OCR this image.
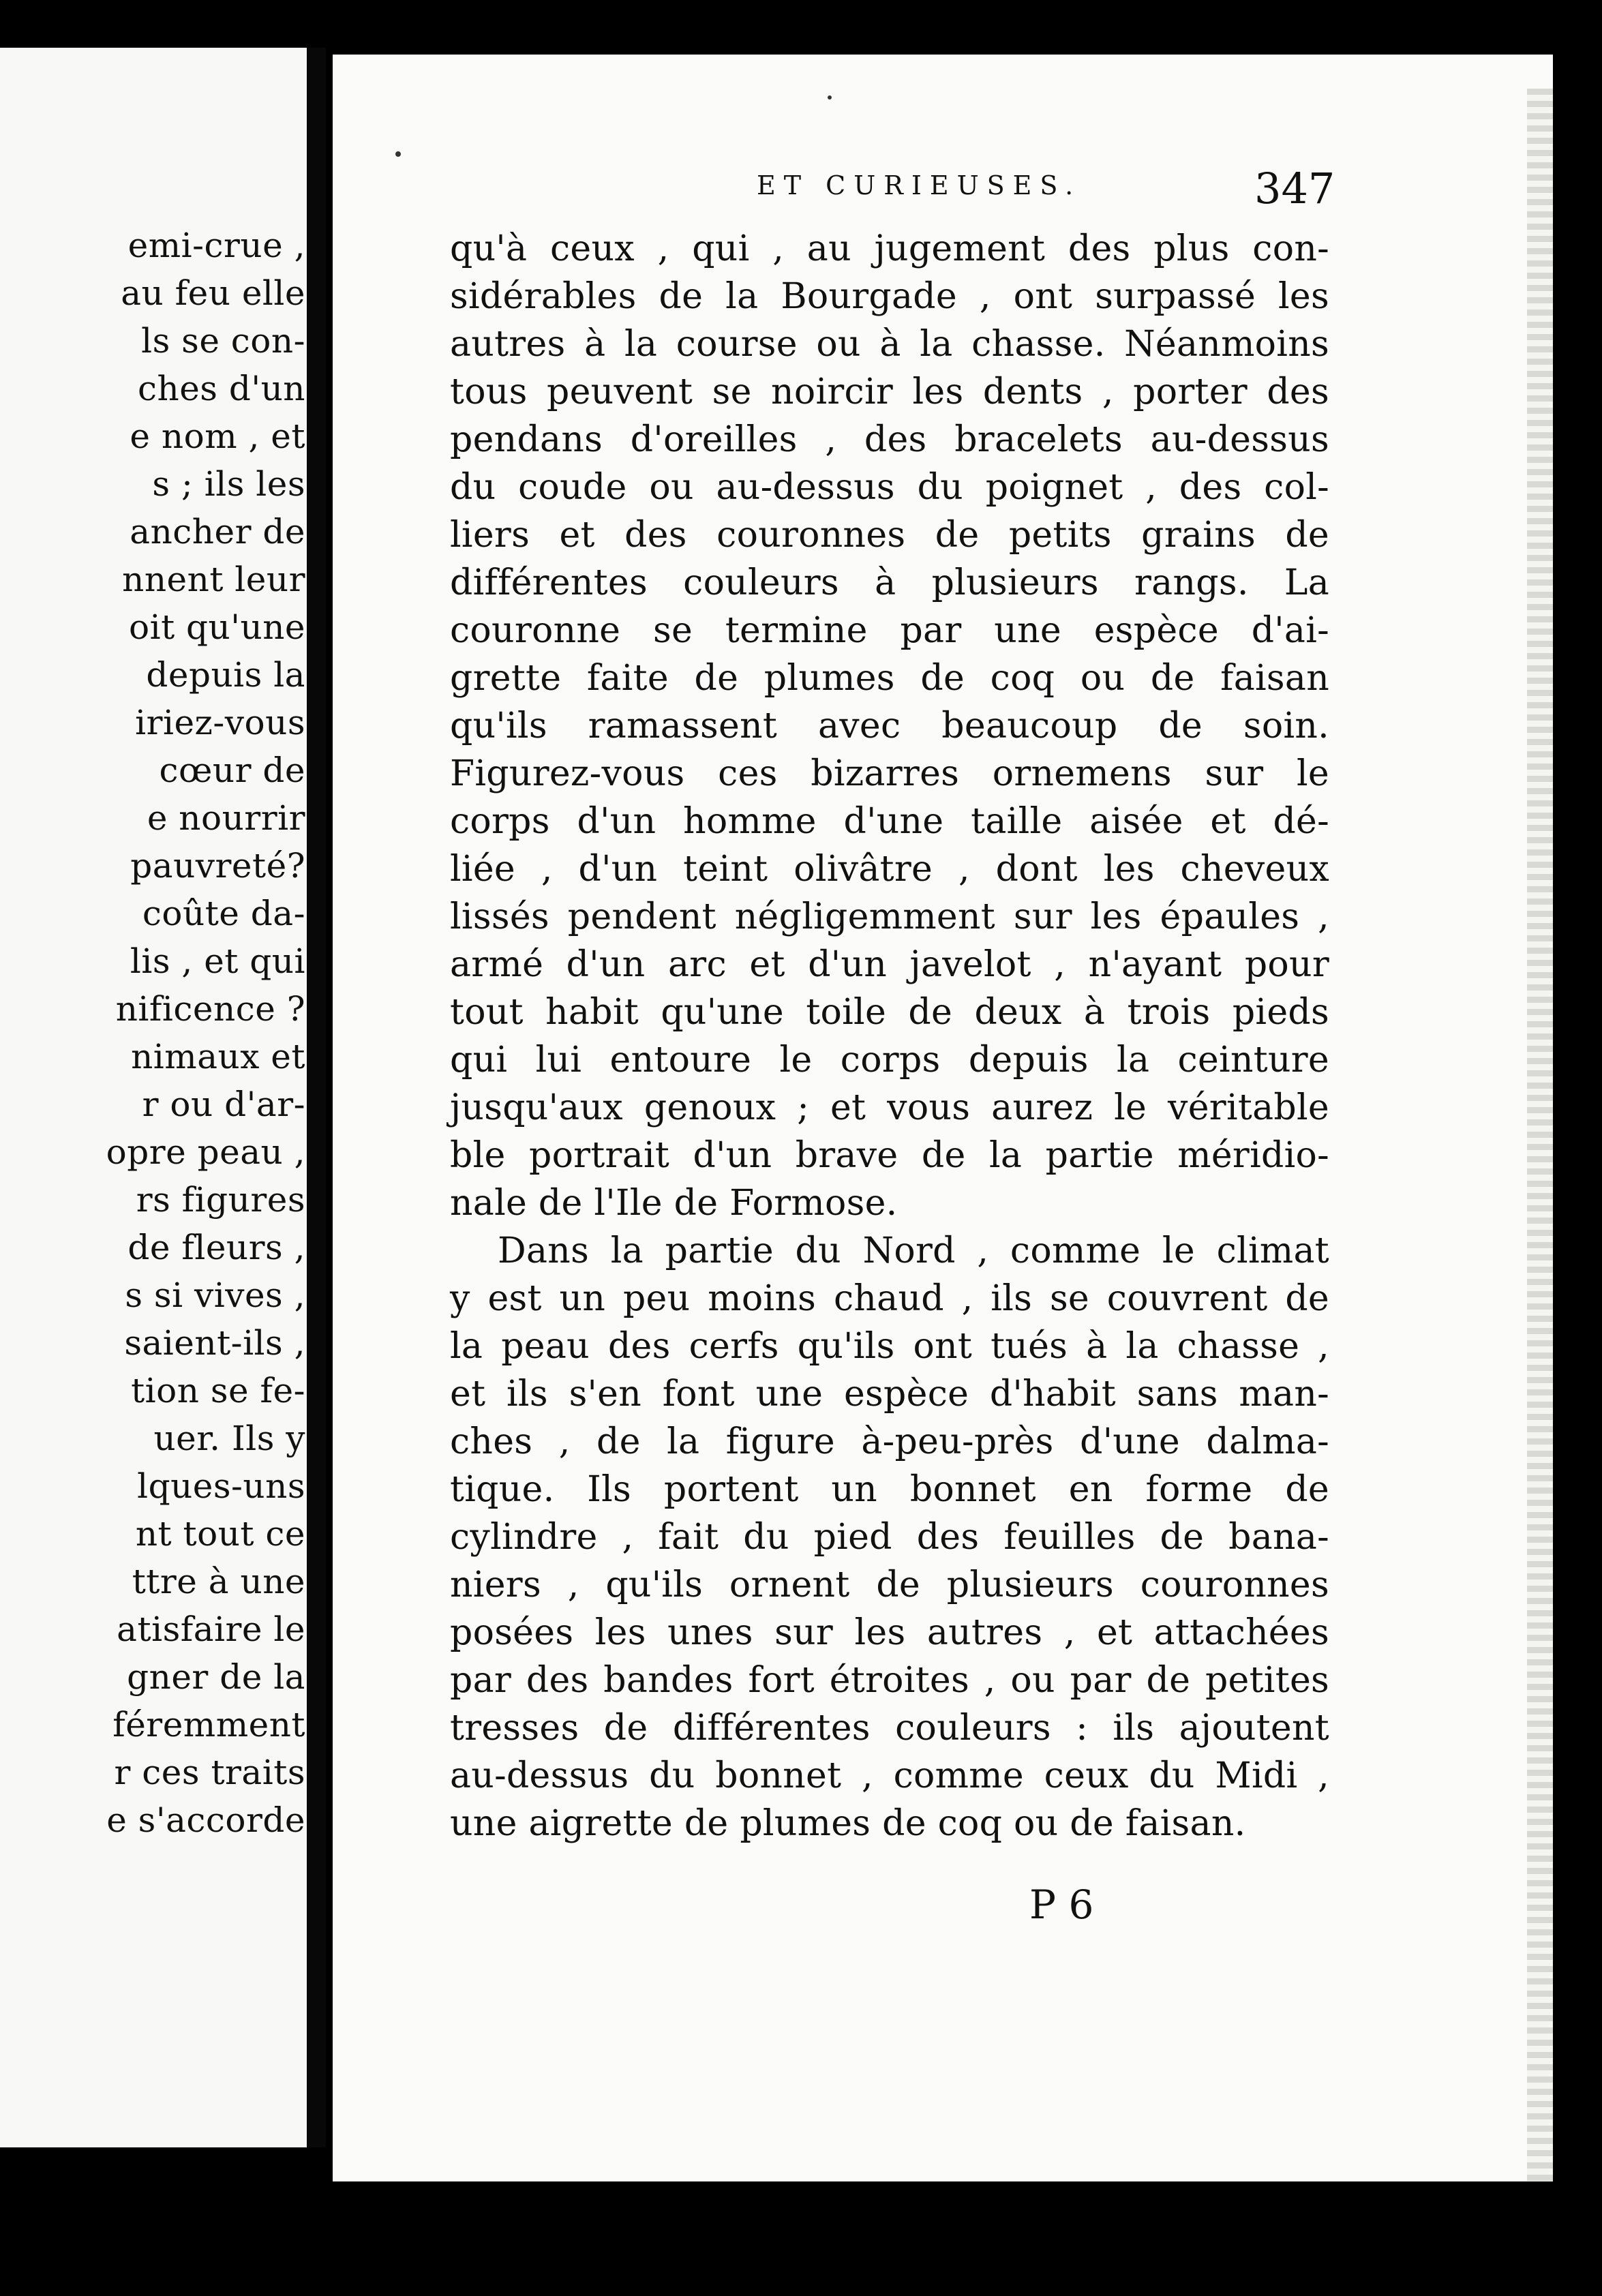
emi-crue ,
au feu elle
ls se con-
ches d'un
e nom , et
s ; ils les
ancher de
nnent leur
oit qu'une
depuis la
iriez-vous
cœur de
e nourrir
pauvreté?
coûte da-
lis , et qui
nificence ?
nimaux et
r ou d'ar-
opre peau ,
rs figures
de fleurs ,
s si vives ,
saient-ils ,
tion se fe-
uer. Ils y
lques-uns
nt tout ce
ttre à une
atisfaire le
gner de la
féremment
r ces traits
e s'accorde
ET CURIEUSES.	347
qu'à ceux , qui , au jugement des plus con-
sidérables de la Bourgade , ont surpassé les
autres à la course ou à la chasse. Néanmoins
tous peuvent se noircir les dents , porter des
pendans d'oreilles , des bracelets au-dessus
du coude ou au-dessus du poignet , des col-
liers et des couronnes de petits grains de
différentes couleurs à plusieurs rangs. La
couronne se termine par une espèce d'ai-
grette faite de plumes de coq ou de faisan
qu'ils ramassent avec beaucoup de soin.
Figurez-vous ces bizarres ornemens sur le
corps d'un homme d'une taille aisée et dé-
liée , d'un teint olivâtre , dont les cheveux
lissés pendent négligemment sur les épaules ,
armé d'un arc et d'un javelot , n'ayant pour
tout habit qu'une toile de deux à trois pieds
qui lui entoure le corps depuis la ceinture
jusqu'aux genoux ; et vous aurez le véritable
ble portrait d'un brave de la partie méridio-
nale de l'Ile de Formose.
Dans la partie du Nord , comme le climat
y est un peu moins chaud , ils se couvrent de
la peau des cerfs qu'ils ont tués à la chasse ,
et ils s'en font une espèce d'habit sans man-
ches , de la figure à-peu-près d'une dalma-
tique. Ils portent un bonnet en forme de
cylindre , fait du pied des feuilles de bana-
niers , qu'ils ornent de plusieurs couronnes
posées les unes sur les autres , et attachées
par des bandes fort étroites , ou par de petites
tresses de différentes couleurs : ils ajoutent
au-dessus du bonnet , comme ceux du Midi ,
une aigrette de plumes de coq ou de faisan.
P 6
